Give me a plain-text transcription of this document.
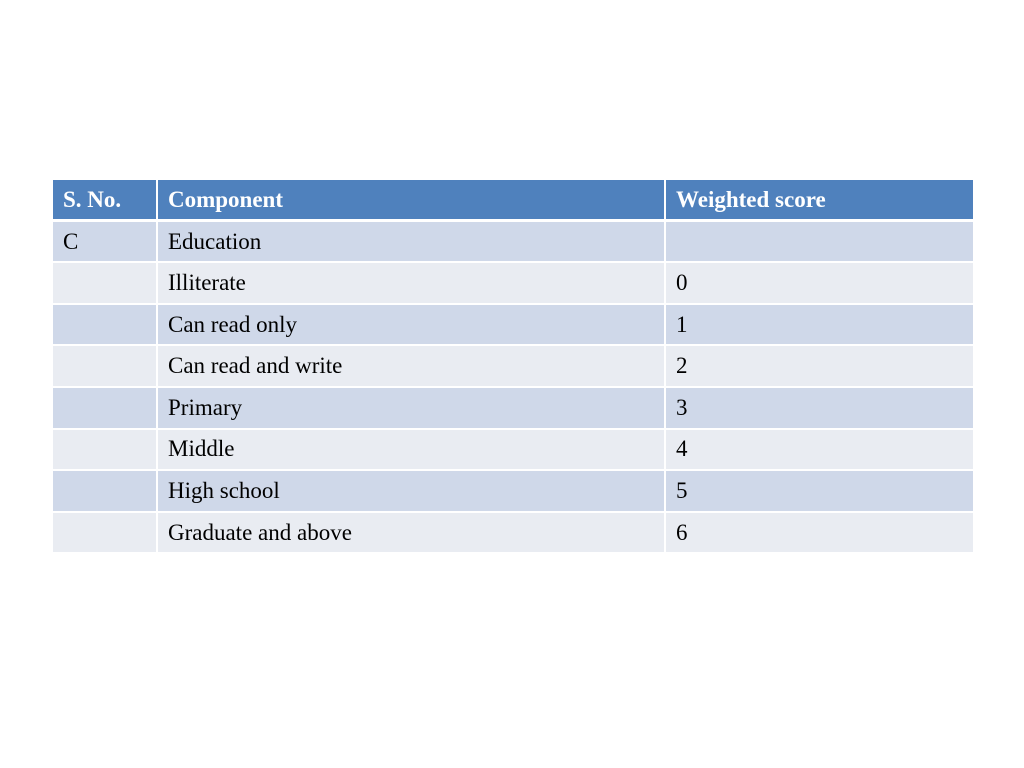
S. No.	Component	Weighted score
C	Education	
	Illiterate	0
	Can read only	1
	Can read and write	2
	Primary	3
	Middle	4
	High school	5
	Graduate and above	6
